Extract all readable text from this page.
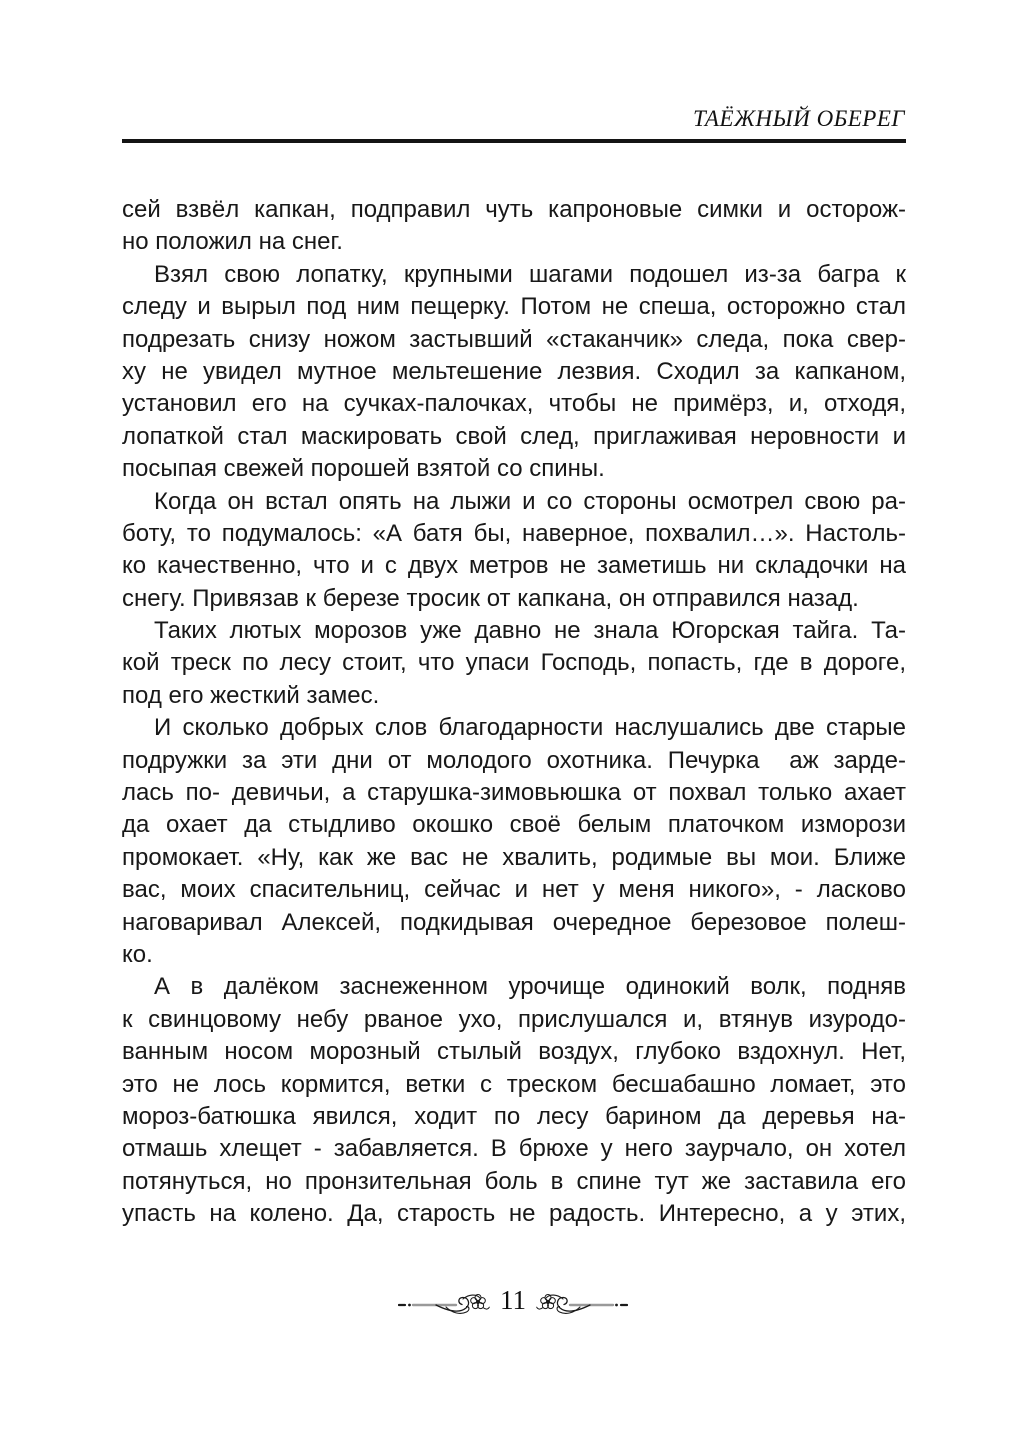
ТАЁЖНЫЙ ОБЕРЕГ
сей взвёл капкан, подправил чуть капроновые симки и осторож-
но положил на снег.
Взял свою лопатку, крупными шагами подошел из-за багра к
следу и вырыл под ним пещерку. Потом не спеша, осторожно стал
подрезать снизу ножом застывший «стаканчик» следа, пока свер-
ху не увидел мутное мельтешение лезвия. Сходил за капканом,
установил его на сучках-палочках, чтобы не примёрз, и, отходя,
лопаткой стал маскировать свой след, приглаживая неровности и
посыпая свежей порошей взятой со спины.
Когда он встал опять на лыжи и со стороны осмотрел свою ра-
боту, то подумалось: «А батя бы, наверное, похвалил…». Настоль-
ко качественно, что и с двух метров не заметишь ни складочки на
снегу. Привязав к березе тросик от капкана, он отправился назад.
Таких лютых морозов уже давно не знала Югорская тайга. Та-
кой треск по лесу стоит, что упаси Господь, попасть, где в дороге,
под его жесткий замес.
И сколько добрых слов благодарности наслушались две старые
подружки за эти дни от молодого охотника. Печурка  аж зарде-
лась по- девичьи, а старушка-зимовьюшка от похвал только ахает
да охает да стыдливо окошко своё белым платочком изморози
промокает. «Ну, как же вас не хвалить, родимые вы мои. Ближе
вас, моих спасительниц, сейчас и нет у меня никого», - ласково
наговаривал Алексей, подкидывая очередное березовое полеш-
ко.
А в далёком заснеженном урочище одинокий волк, подняв
к свинцовому небу рваное ухо, прислушался и, втянув изуродо-
ванным носом морозный стылый воздух, глубоко вздохнул. Нет,
это не лось кормится, ветки с треском бесшабашно ломает, это
мороз-батюшка явился, ходит по лесу барином да деревья на-
отмашь хлещет - забавляется. В брюхе у него заурчало, он хотел
потянуться, но пронзительная боль в спине тут же заставила его
упасть на колено. Да, старость не радость. Интересно, а у этих,
11
